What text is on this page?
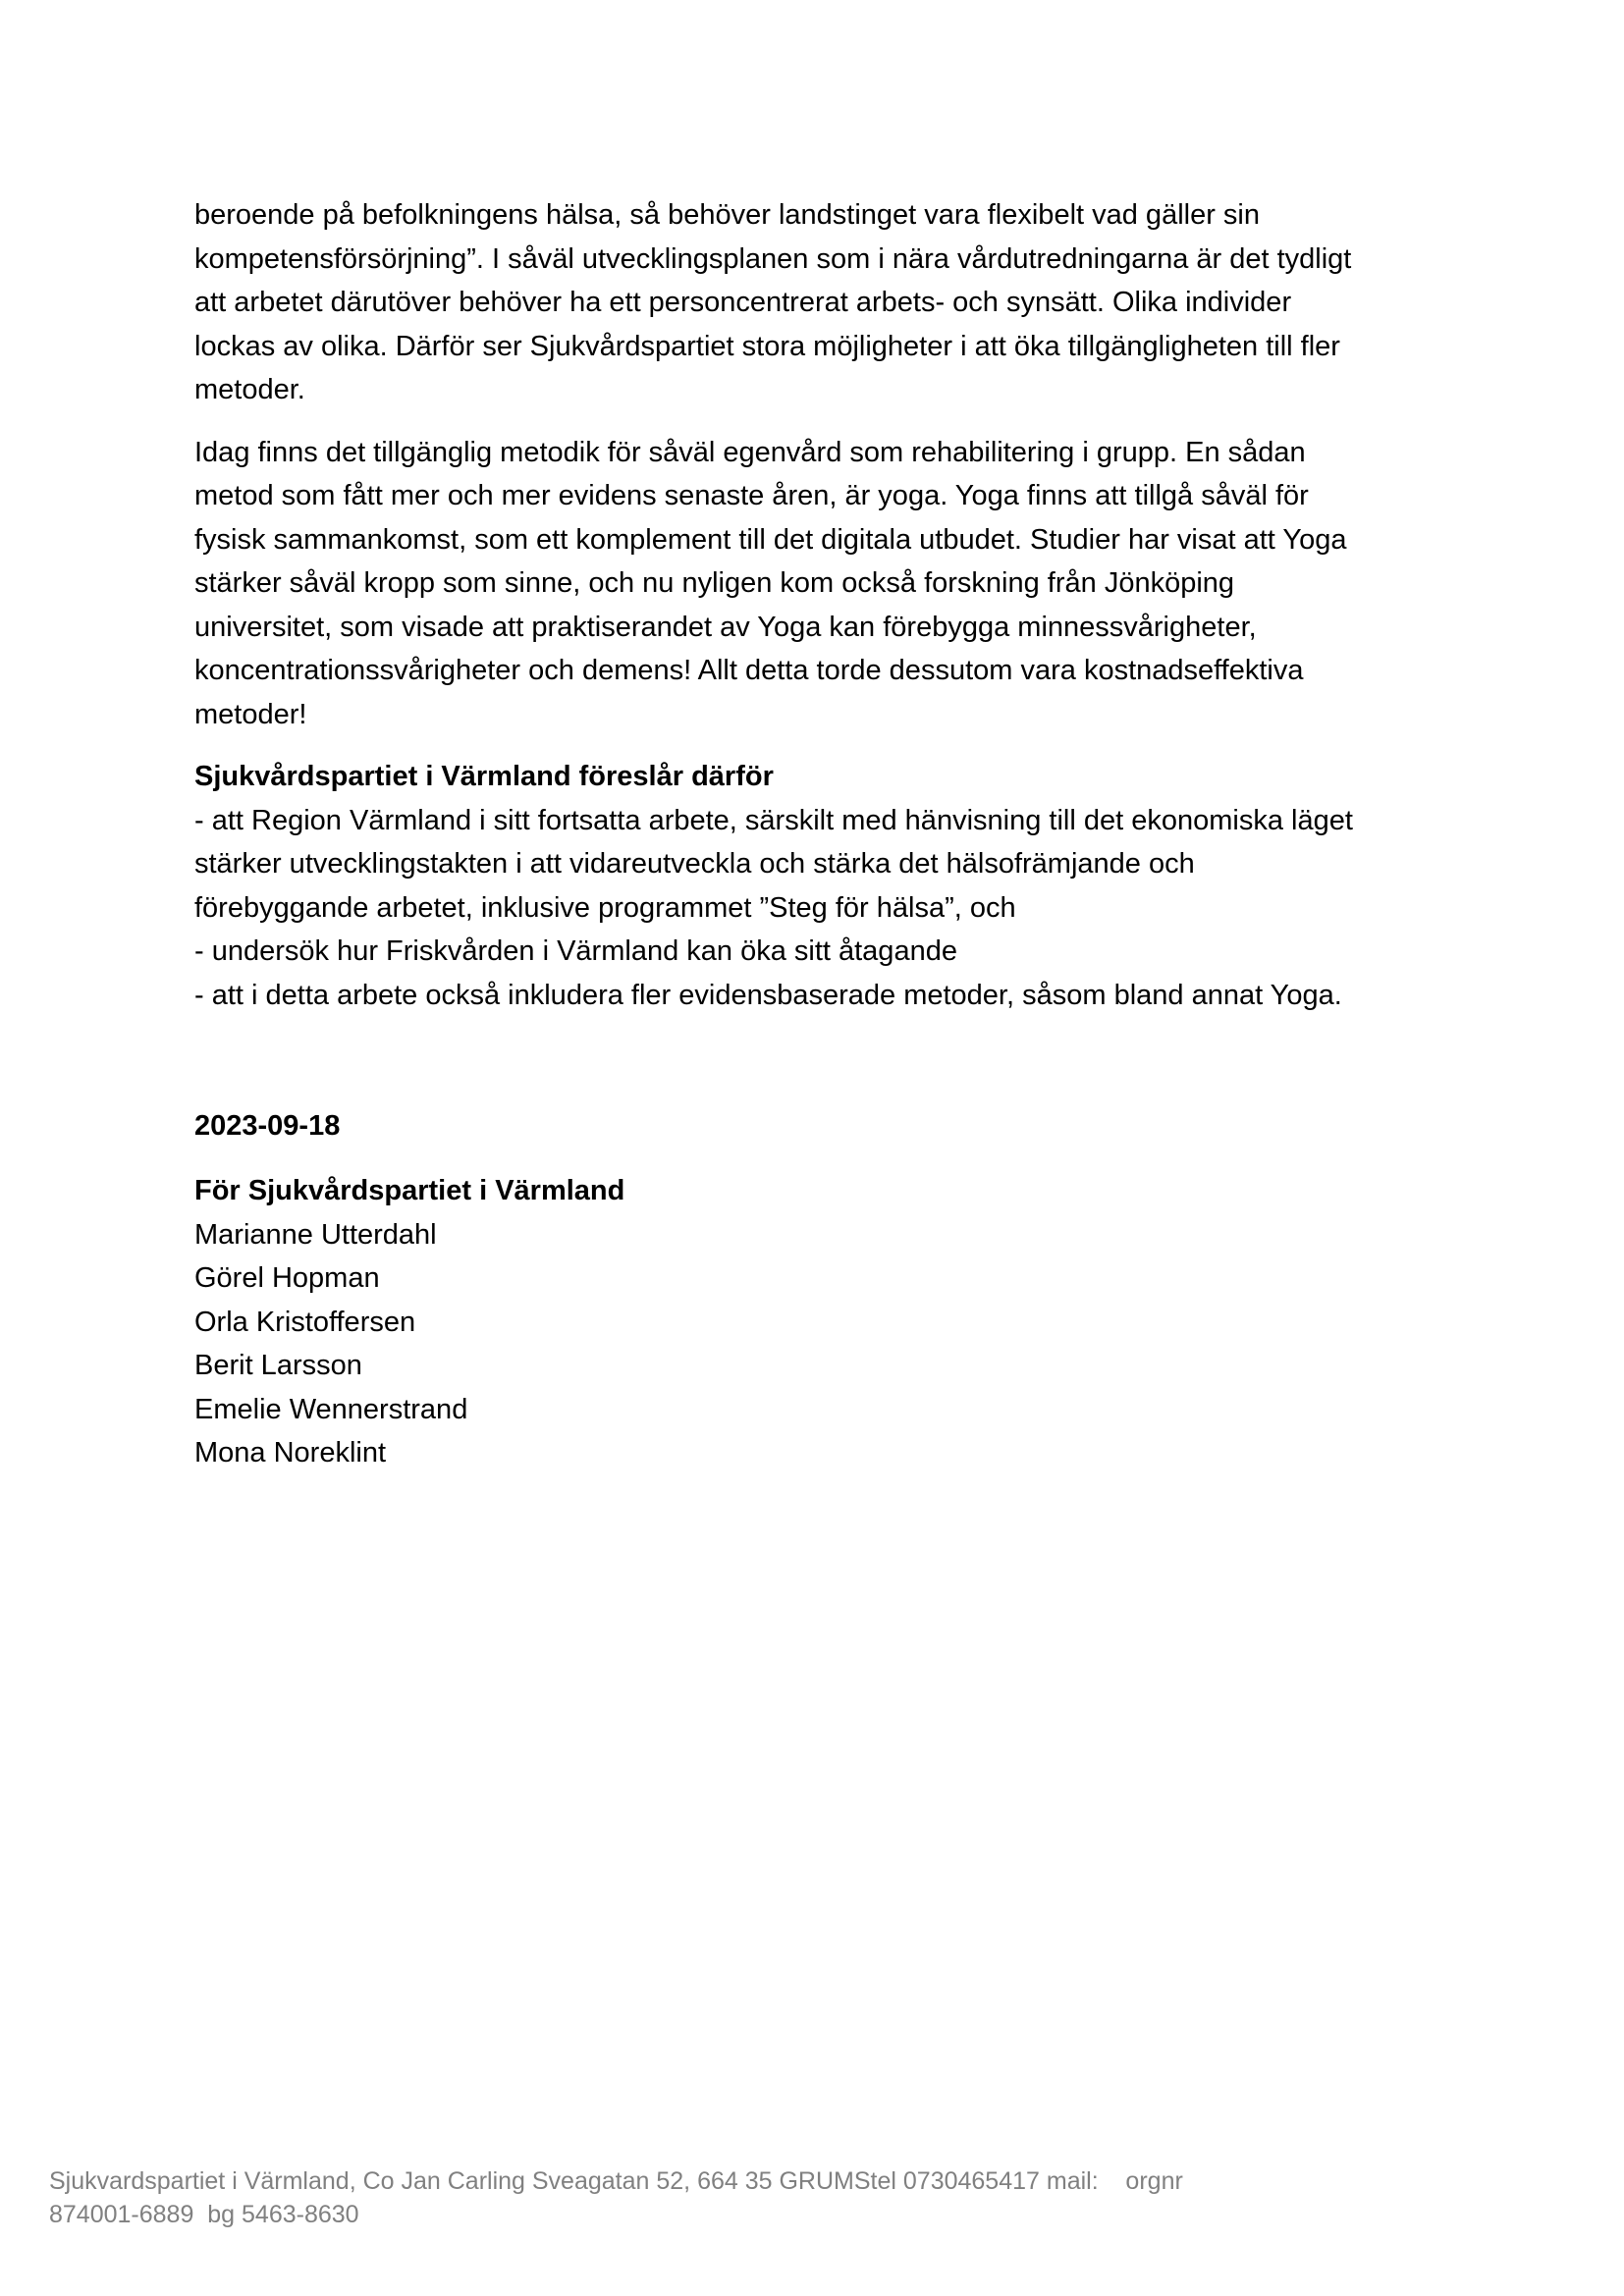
beroende på befolkningens hälsa, så behöver landstinget vara flexibelt vad gäller sin
kompetensförsörjning”. I såväl utvecklingsplanen som i nära vårdutredningarna är det tydligt
att arbetet därutöver behöver ha ett personcentrerat arbets- och synsätt. Olika individer
lockas av olika. Därför ser Sjukvårdspartiet stora möjligheter i att öka tillgängligheten till fler
metoder.

Idag finns det tillgänglig metodik för såväl egenvård som rehabilitering i grupp. En sådan
metod som fått mer och mer evidens senaste åren, är yoga. Yoga finns att tillgå såväl för
fysisk sammankomst, som ett komplement till det digitala utbudet. Studier har visat att Yoga
stärker såväl kropp som sinne, och nu nyligen kom också forskning från Jönköping
universitet, som visade att praktiserandet av Yoga kan förebygga minnessvårigheter,
koncentrationssvårigheter och demens! Allt detta torde dessutom vara kostnadseffektiva
metoder!

Sjukvårdspartiet i Värmland föreslår därför
- att Region Värmland i sitt fortsatta arbete, särskilt med hänvisning till det ekonomiska läget
stärker utvecklingstakten i att vidareutveckla och stärka det hälsofrämjande och
förebyggande arbetet, inklusive programmet ”Steg för hälsa”, och
- undersök hur Friskvården i Värmland kan öka sitt åtagande
- att i detta arbete också inkludera fler evidensbaserade metoder, såsom bland annat Yoga.
2023-09-18
För Sjukvårdspartiet i Värmland
Marianne Utterdahl
Görel Hopman
Orla Kristoffersen
Berit Larsson
Emelie Wennerstrand
Mona Noreklint
Sjukvardspartiet i Värmland, Co Jan Carling Sveagatan 52, 664 35 GRUMStel 0730465417 mail:    orgnr
874001-6889  bg 5463-8630
